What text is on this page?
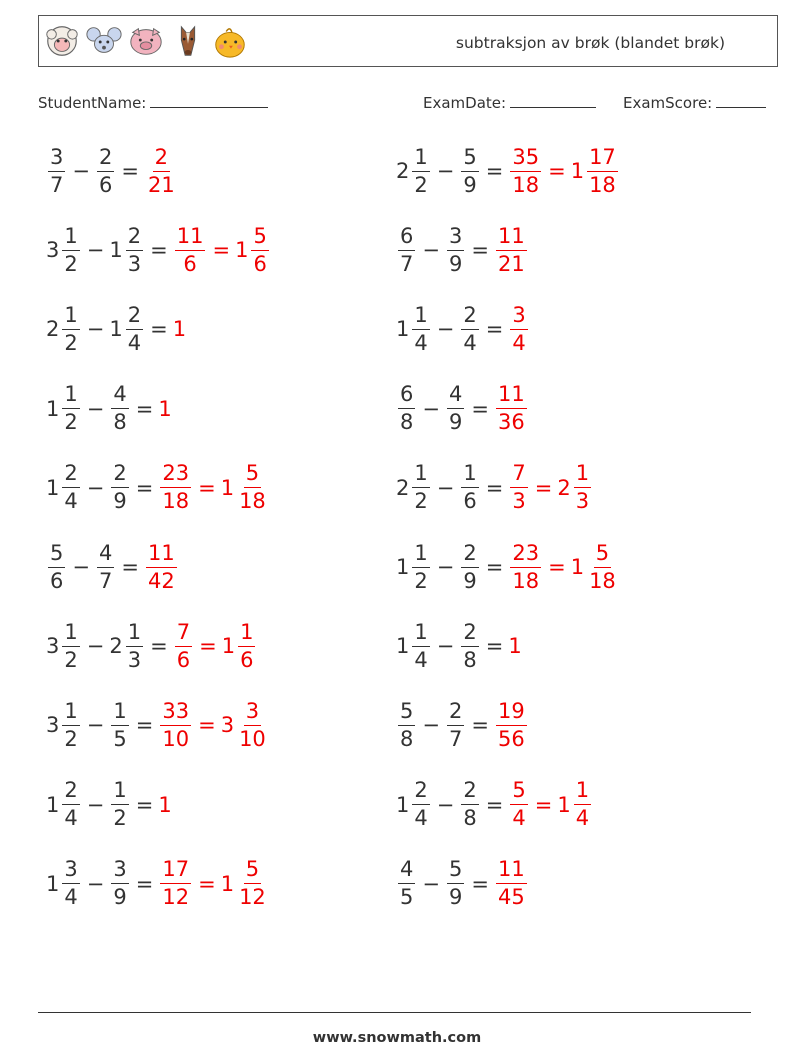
subtraksjon av brøk (blandet brøk)
StudentName:	ExamDate:	ExamScore:
$\frac{3}{7} - \frac{2}{6} = \frac{2}{21}$
$3 \frac{1}{2} - 1 \frac{2}{3} = \frac{11}{6} = 1 \frac{5}{6}$
$2 \frac{1}{2} - 1 \frac{2}{4} = 1$
$1 \frac{1}{2} - \frac{4}{8} = 1$
$1 \frac{2}{4} - \frac{2}{9} = \frac{23}{18} = 1 \frac{5}{18}$
$\frac{5}{6} - \frac{4}{7} = \frac{11}{42}$
$3 \frac{1}{2} - 2 \frac{1}{3} = \frac{7}{6} = 1 \frac{1}{6}$
$3 \frac{1}{2} - \frac{1}{5} = \frac{33}{10} = 3 \frac{3}{10}$
$1 \frac{2}{4} - \frac{1}{2} = 1$
$1 \frac{3}{4} - \frac{3}{9} = \frac{17}{12} = 1 \frac{5}{12}$
$2 \frac{1}{2} - \frac{5}{9} = \frac{35}{18} = 1 \frac{17}{18}$
$\frac{6}{7} - \frac{3}{9} = \frac{11}{21}$
$1 \frac{1}{4} - \frac{2}{4} = \frac{3}{4}$
$\frac{6}{8} - \frac{4}{9} = \frac{11}{36}$
$2 \frac{1}{2} - \frac{1}{6} = \frac{7}{3} = 2 \frac{1}{3}$
$1 \frac{1}{2} - \frac{2}{9} = \frac{23}{18} = 1 \frac{5}{18}$
$1 \frac{1}{4} - \frac{2}{8} = 1$
$\frac{5}{8} - \frac{2}{7} = \frac{19}{56}$
$1 \frac{2}{4} - \frac{2}{8} = \frac{5}{4} = 1 \frac{1}{4}$
$\frac{4}{5} - \frac{5}{9} = \frac{11}{45}$
www.snowmath.com
